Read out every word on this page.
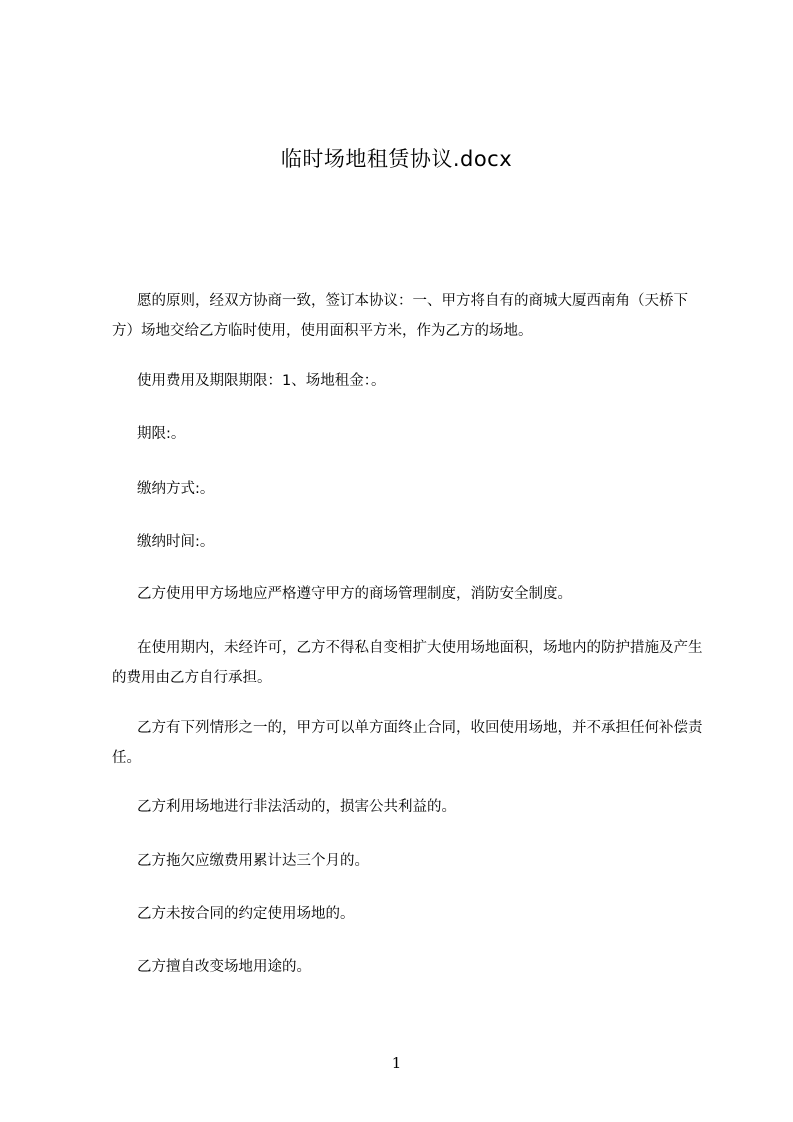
临时场地租赁协议.docx

愿的原则，经双方协商一致，签订本协议：一、甲方将自有的商城大厦西南角（天桥下方）场地交给乙方临时使用，使用面积平方米，作为乙方的场地。

使用费用及期限期限：1、场地租金：。

期限:。

缴纳方式:。

缴纳时间:。

乙方使用甲方场地应严格遵守甲方的商场管理制度，消防安全制度。

在使用期内，未经许可，乙方不得私自变相扩大使用场地面积，场地内的防护措施及产生的费用由乙方自行承担。

乙方有下列情形之一的，甲方可以单方面终止合同，收回使用场地，并不承担任何补偿责任。

乙方利用场地进行非法活动的，损害公共利益的。

乙方拖欠应缴费用累计达三个月的。

乙方未按合同的约定使用场地的。

乙方擅自改变场地用途的。

1
